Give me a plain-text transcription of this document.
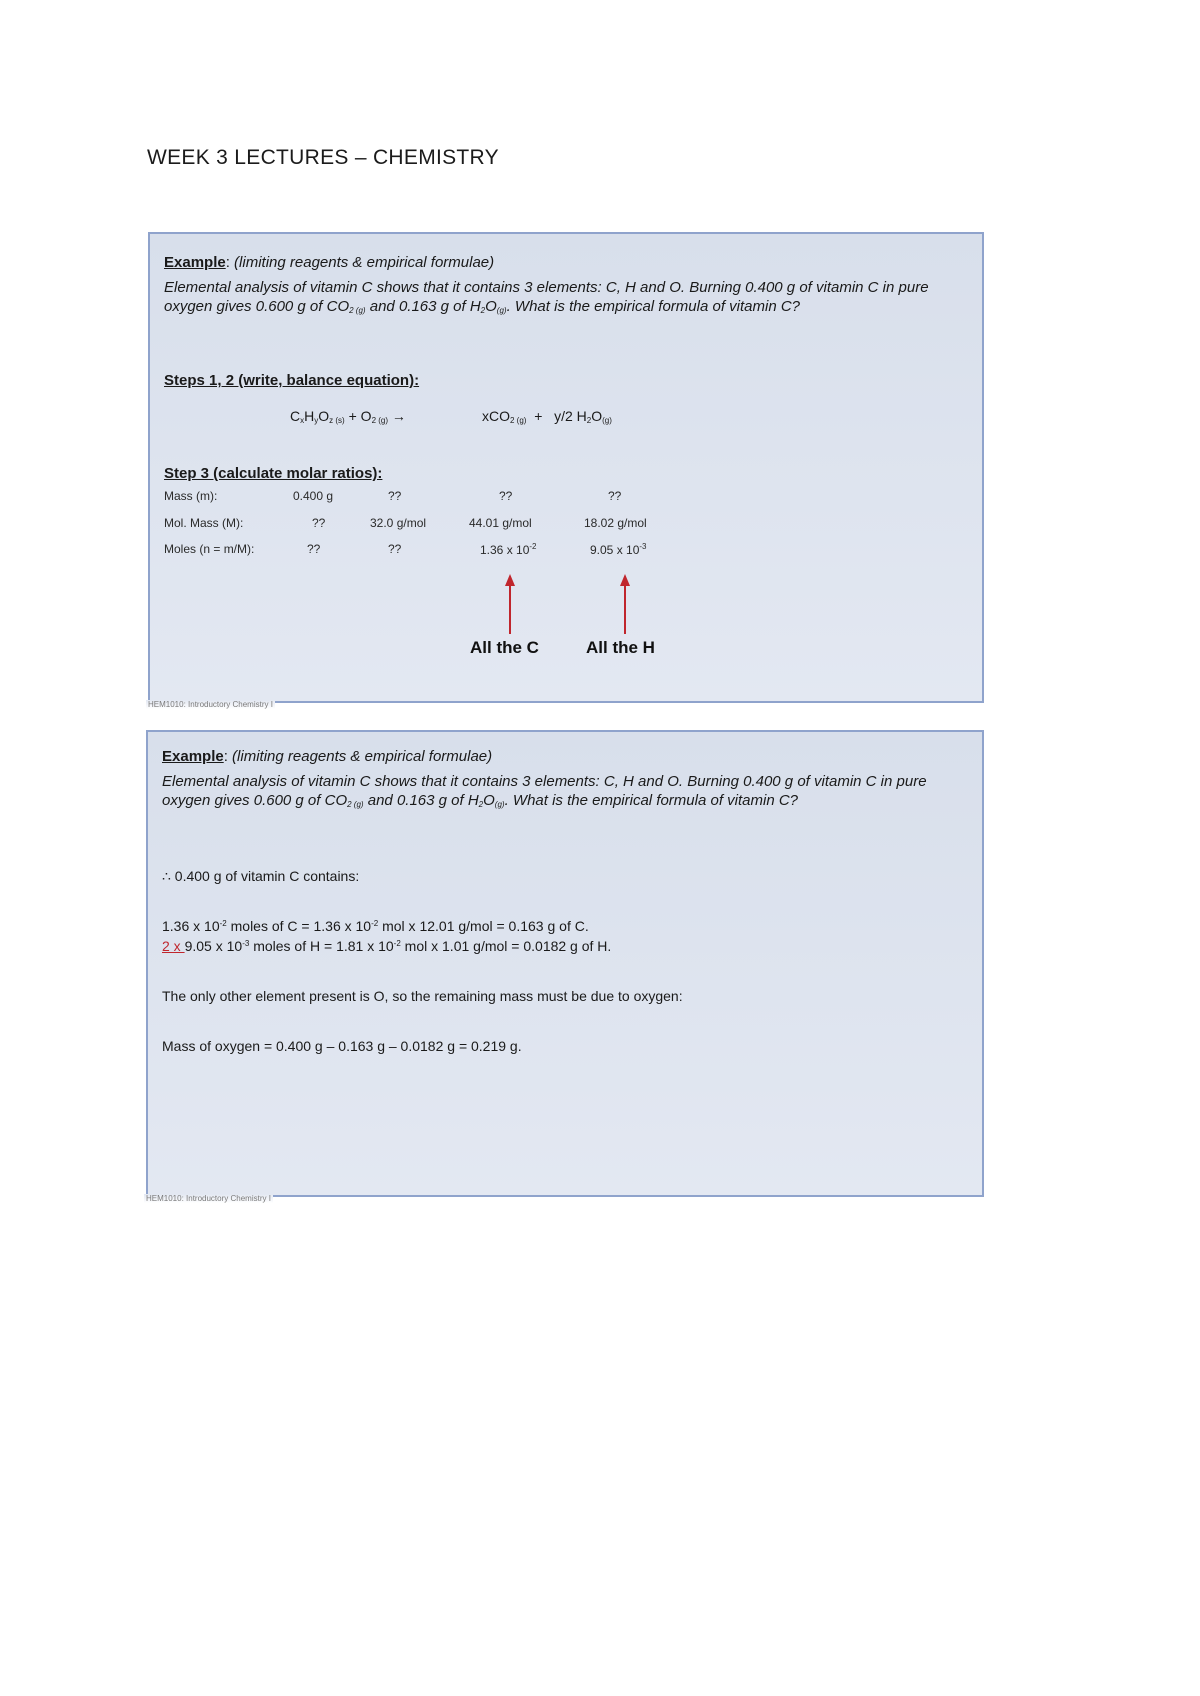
WEEK 3 LECTURES – CHEMISTRY
Example: (limiting reagents & empirical formulae)
Elemental analysis of vitamin C shows that it contains 3 elements: C, H and O. Burning 0.400 g of vitamin C in pure oxygen gives 0.600 g of CO2 (g) and 0.163 g of H2O(g). What is the empirical formula of vitamin C?
Steps 1, 2 (write, balance equation):
CxHyOz (s) + O2 (g) →	xCO2 (g) + y/2 H2O(g)
Step 3 (calculate molar ratios):
Mass (m):	0.400 g	??	??	??
Mol. Mass (M):	??	32.0 g/mol	44.01 g/mol	18.02 g/mol
Moles (n = m/M):	??	??	1.36 x $10^{-2}$	9.05 x $10^{-3}$
All the C	All the H
HEM1010: Introductory Chemistry I
Example: (limiting reagents & empirical formulae)
Elemental analysis of vitamin C shows that it contains 3 elements: C, H and O. Burning 0.400 g of vitamin C in pure oxygen gives 0.600 g of CO2 (g) and 0.163 g of H2O(g). What is the empirical formula of vitamin C?
∴ 0.400 g of vitamin C contains:
1.36 x $10^{-2}$ moles of C = 1.36 x $10^{-2}$ mol x 12.01 g/mol = 0.163 g of C.
2 x 9.05 x $10^{-3}$ moles of H = 1.81 x $10^{-2}$ mol x 1.01 g/mol = 0.0182 g of H.
The only other element present is O, so the remaining mass must be due to oxygen:
Mass of oxygen = 0.400 g – 0.163 g – 0.0182 g = 0.219 g.
HEM1010: Introductory Chemistry I
